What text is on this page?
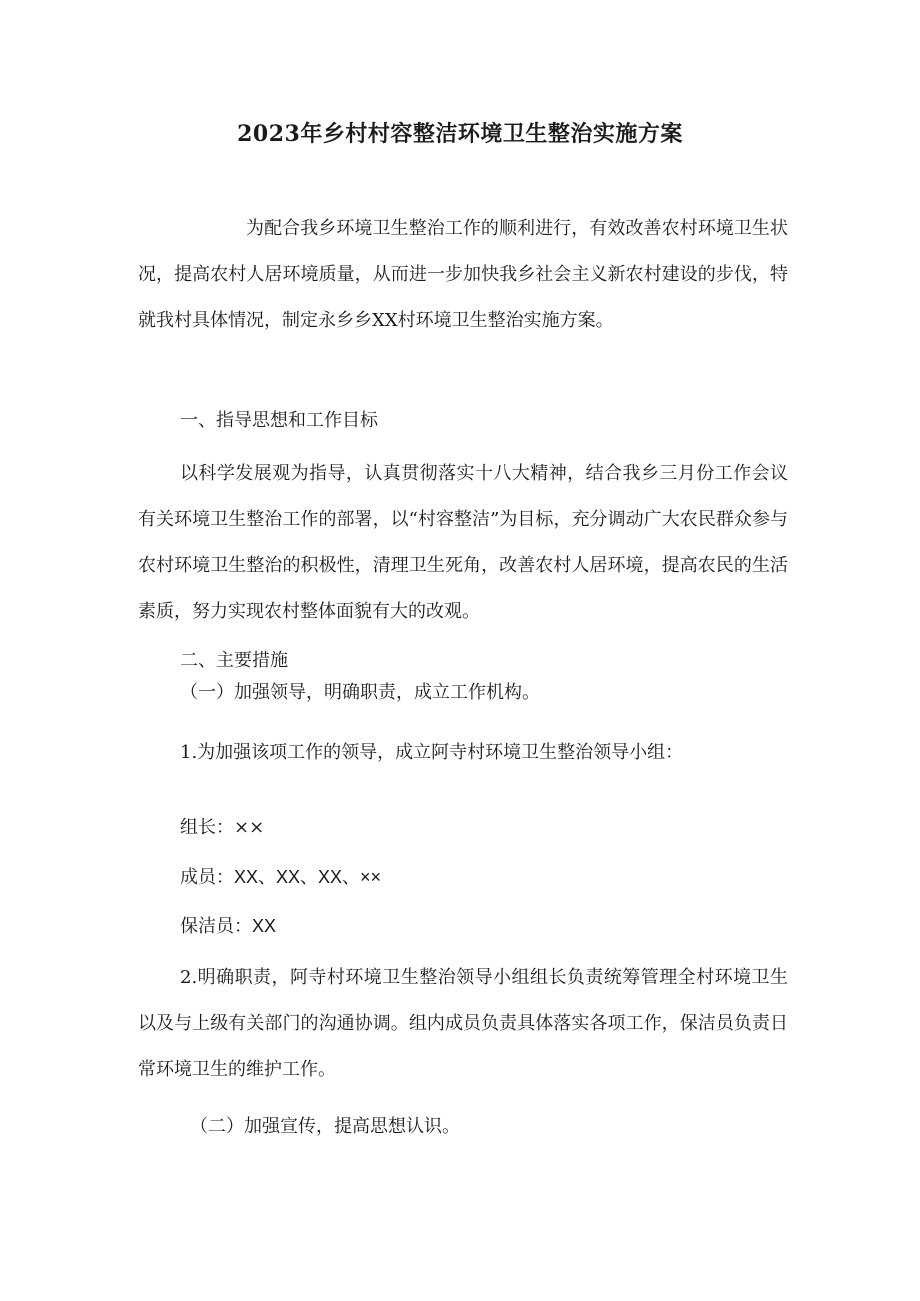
2023年乡村村容整洁环境卫生整治实施方案

为配合我乡环境卫生整治工作的顺利进行，有效改善农村环境卫生状况，提高农村人居环境质量，从而进一步加快我乡社会主义新农村建设的步伐，特就我村具体情况，制定永乡乡XX村环境卫生整治实施方案。

一、指导思想和工作目标

以科学发展观为指导，认真贯彻落实十八大精神，结合我乡三月份工作会议有关环境卫生整治工作的部署，以“村容整洁”为目标，充分调动广大农民群众参与农村环境卫生整治的积极性，清理卫生死角，改善农村人居环境，提高农民的生活素质，努力实现农村整体面貌有大的改观。

二、主要措施
（一）加强领导，明确职责，成立工作机构。
1.为加强该项工作的领导，成立阿寺村环境卫生整治领导小组：
组长：××
成员：XX、XX、XX、××
保洁员：XX

2.明确职责，阿寺村环境卫生整治领导小组组长负责统筹管理全村环境卫生以及与上级有关部门的沟通协调。组内成员负责具体落实各项工作，保洁员负责日常环境卫生的维护工作。

（二）加强宣传，提高思想认识。
